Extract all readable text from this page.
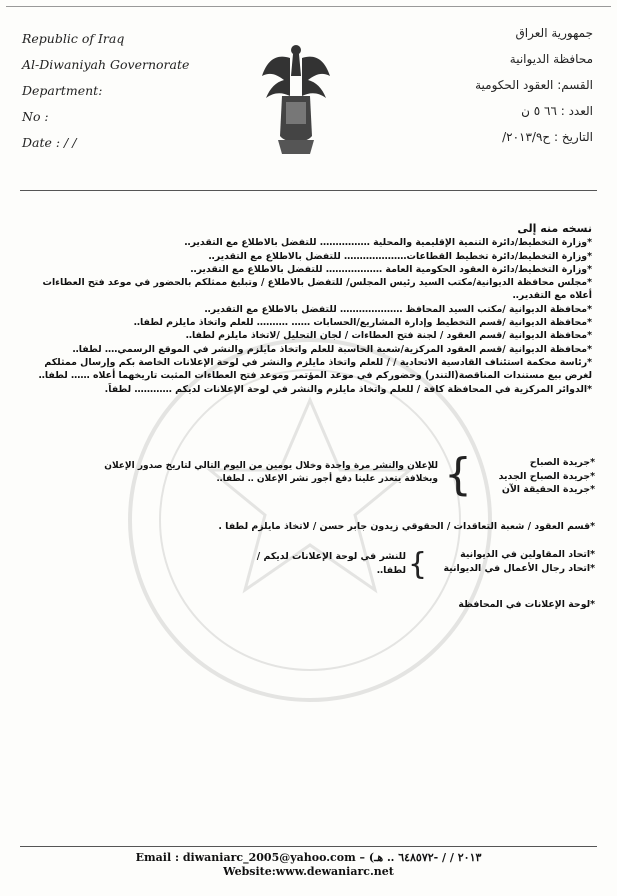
Republic of Iraq
Al-Diwaniyah Governorate
Department:
No :
Date : / /
جمهورية العراق
محافظة الديوانية
القسم: العقود الحكومية
العدد : ٦٦ ٥ ن
التاريخ : ح٢٠١٣/٩/
نسخه منه إلى
*وزارة التخطيط/دائرة التنمية الإقليمية والمحلية ‥‥‥‥‥‥‥‥ للتفضل بالاطلاع مع التقدير‥
*وزارة التخطيط/دائرة تخطيط القطاعات‥‥‥‥‥‥‥‥‥‥ للتفضل بالاطلاع مع التقدير‥
*وزارة التخطيط/دائرة العقود الحكومية العامة ‥‥‥‥‥‥‥‥‥ للتفضل بالاطلاع مع التقدير‥
*مجلس محافظة الديوانية/مكتب السيد رئيس المجلس/ للتفضل بالاطلاع / وتبليغ ممثلكم بالحضور في موعد فتح العطاءات أعلاه مع التقدير‥
*محافظة الديوانية /مكتب السيد المحافظ ‥‥‥‥‥‥‥‥‥‥ للتفضل بالاطلاع مع التقدير‥
*محافظة الديوانية /قسم التخطيط وإدارة المشاريع/الحسابات ‥‥‥ ‥‥‥‥‥ للعلم واتخاذ مايلزم لطفا‥
*محافظة الديوانية /قسم العقود / لجنة فتح العطاءات / لجان التحليل /لاتخاذ مايلزم لطفا‥
*محافظة الديوانية /قسم العقود المركزية/شعبة الحاسبة للعلم واتخاذ مايلزم والنشر في الموقع الرسمي‥‥ لطفا‥
*رئاسة محكمة استئناف القادسية الاتحادية / / للعلم واتخاذ مايلزم والنشر في لوحة الإعلانات الخاصة بكم وإرسال ممثلكم لغرض بيع مستندات المناقصة(التندر) وحضوركم في موعد المؤتمر وموعد فتح العطاءات المثبت تاريخهما أعلاه ‥‥‥ لطفا‥
*الدوائر المركزية في المحافظة كافة / للعلم واتخاذ مايلزم والنشر في لوحة الإعلانات لديكم ‥‥‥‥‥‥ لطفاً.
*جريدة الصباح
*جريدة الصباح الجديد
*جريدة الحقيقة الآن
{
للإعلان والنشر مرة واحدة وخلال يومين من اليوم التالي لتاريخ صدور الإعلان وبخلافة يتعذر علينا دفع أجور نشر الإعلان ‥ لطفا‥
*قسم العقود / شعبة التعاقدات / الحقوقي زيدون جابر حسن / لاتخاذ مايلزم لطفا .
*اتحاد المقاولين في الديوانية
*اتحاد رجال الأعمال في الديوانية
{
للنشر في لوحة الإعلانات لديكم / لطفا‥
*لوحة الإعلانات في المحافظة
Email : diwaniarc_2005@yahoo.com – (٢٠١٣ / / -٦٤٨٥٧٢ ‥ هـ
Website:www.dewaniarc.net
